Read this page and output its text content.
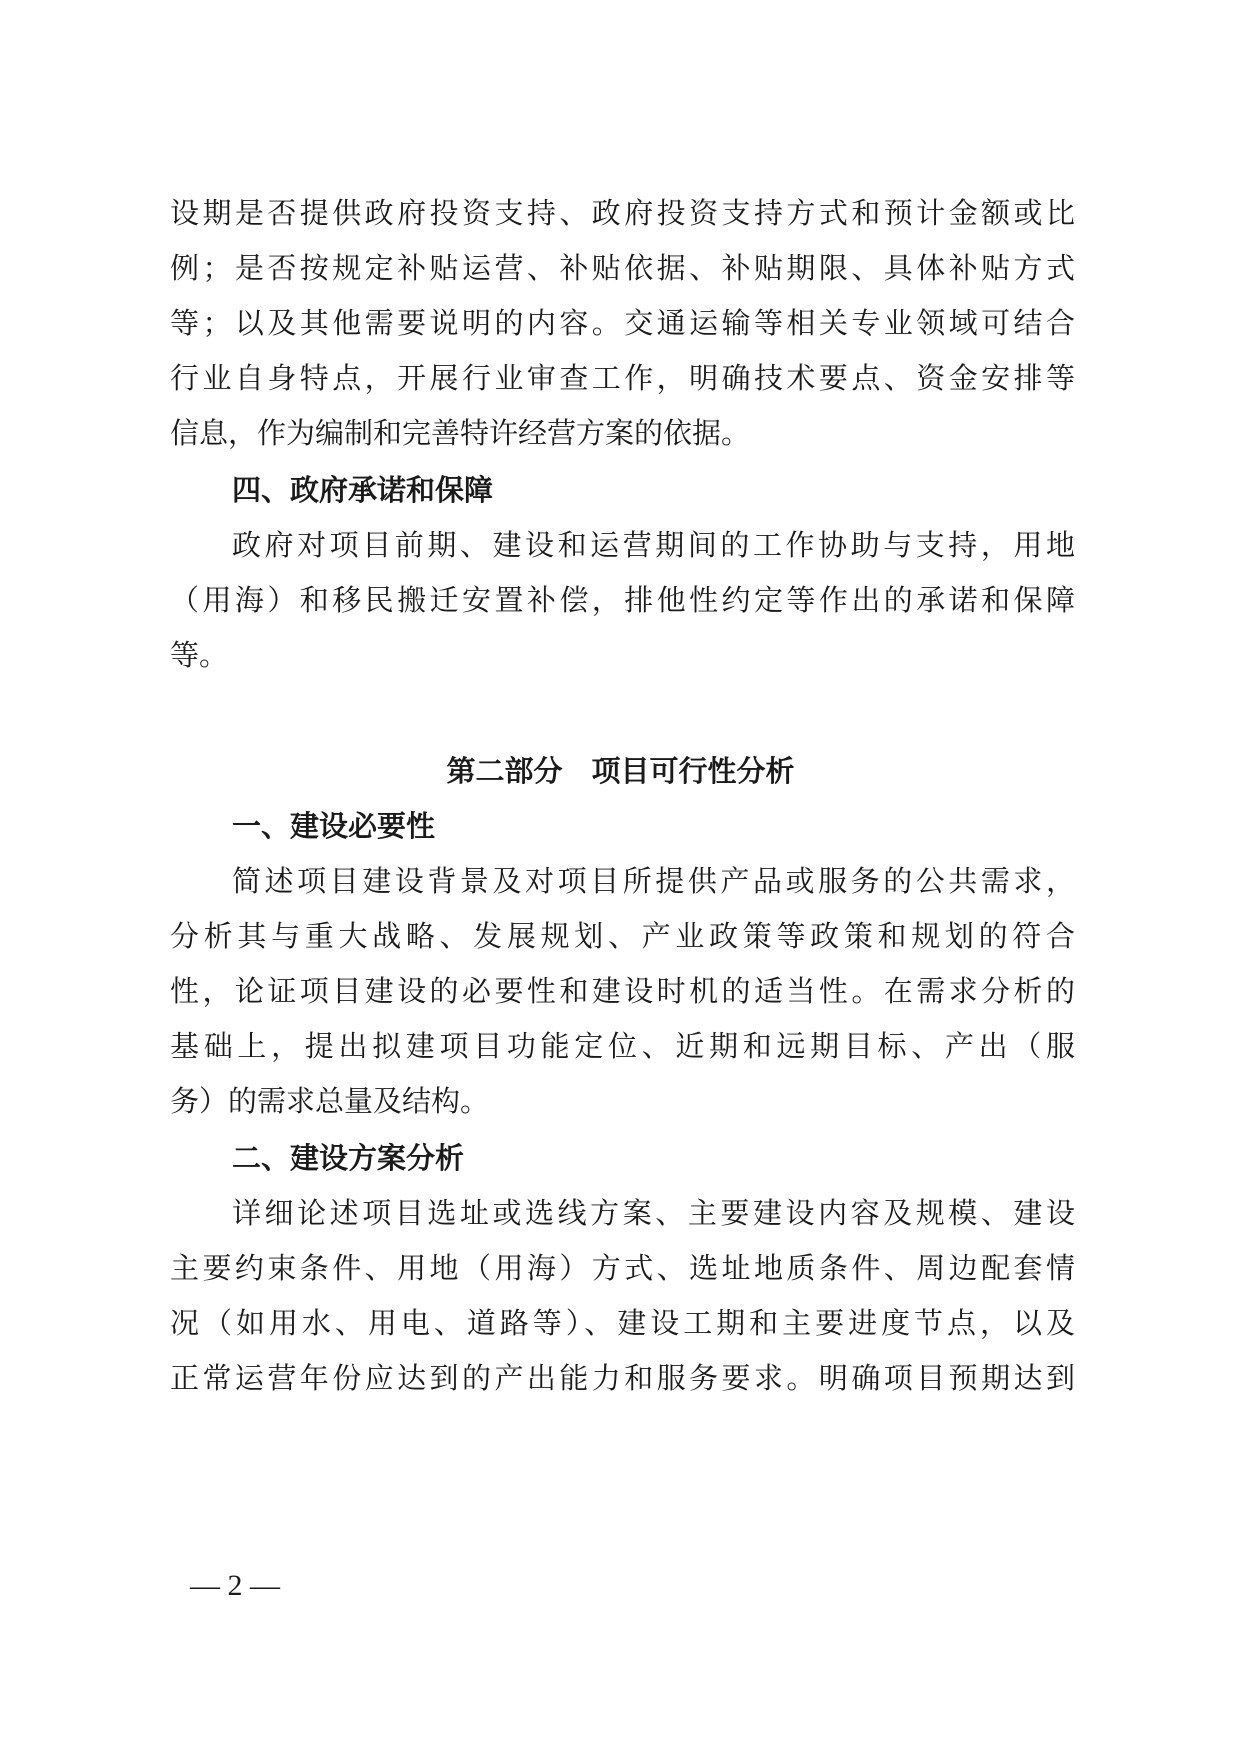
设期是否提供政府投资支持、政府投资支持方式和预计金额或比
例；是否按规定补贴运营、补贴依据、补贴期限、具体补贴方式
等；以及其他需要说明的内容。交通运输等相关专业领域可结合
行业自身特点，开展行业审查工作，明确技术要点、资金安排等
信息，作为编制和完善特许经营方案的依据。
四、政府承诺和保障
政府对项目前期、建设和运营期间的工作协助与支持，用地
（用海）和移民搬迁安置补偿，排他性约定等作出的承诺和保障
等。
第二部分　项目可行性分析
一、建设必要性
简述项目建设背景及对项目所提供产品或服务的公共需求，
分析其与重大战略、发展规划、产业政策等政策和规划的符合
性，论证项目建设的必要性和建设时机的适当性。在需求分析的
基础上，提出拟建项目功能定位、近期和远期目标、产出（服
务）的需求总量及结构。
二、建设方案分析
详细论述项目选址或选线方案、主要建设内容及规模、建设
主要约束条件、用地（用海）方式、选址地质条件、周边配套情
况（如用水、用电、道路等）、建设工期和主要进度节点，以及
正常运营年份应达到的产出能力和服务要求。明确项目预期达到
— 2 —
